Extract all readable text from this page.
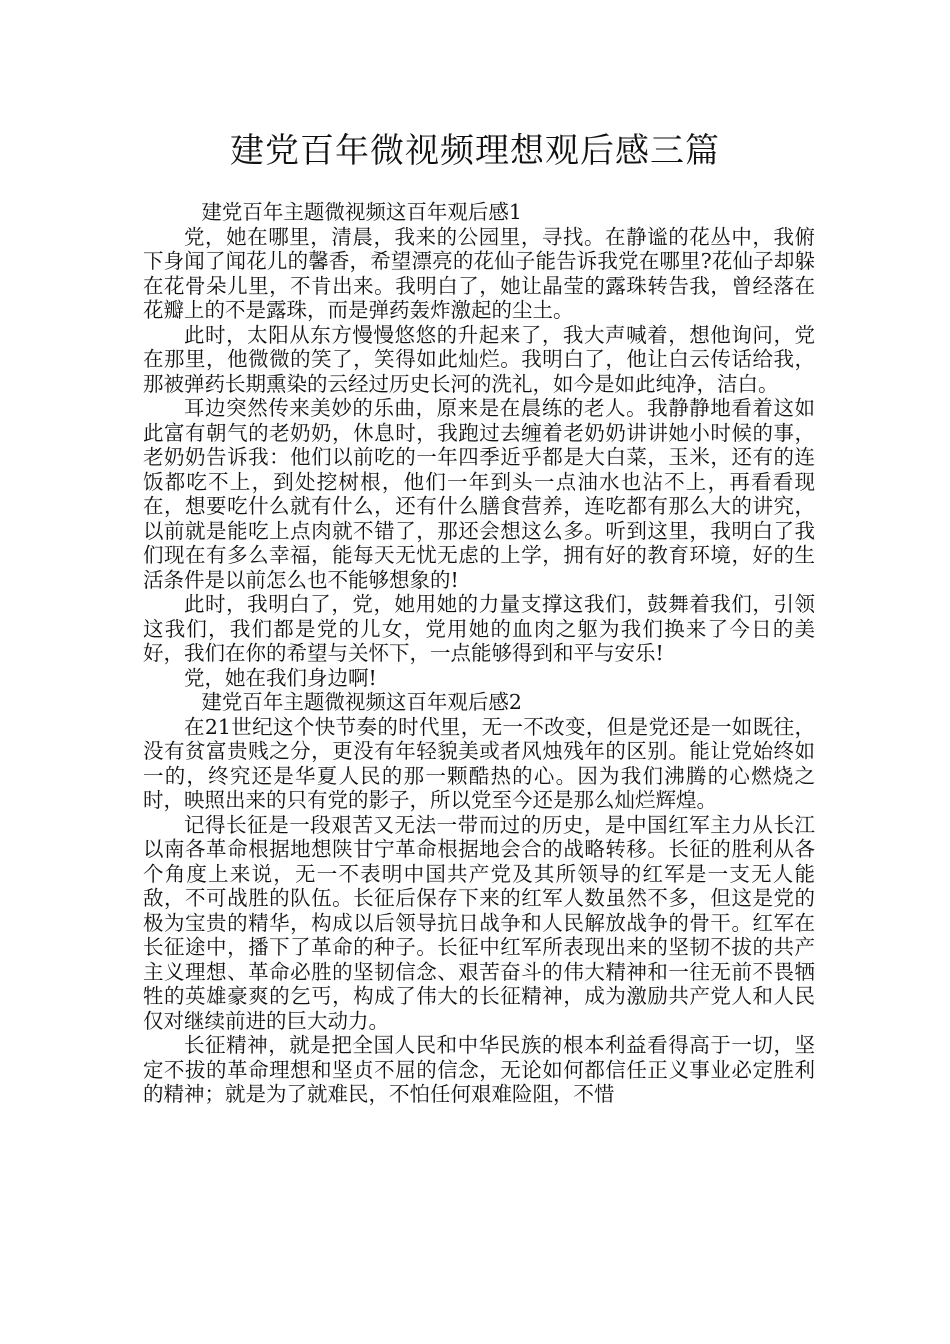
建党百年微视频理想观后感三篇

建党百年主题微视频这百年观后感1

党，她在哪里，清晨，我来的公园里，寻找。在静谧的花丛中，我俯下身闻了闻花儿的馨香，希望漂亮的花仙子能告诉我党在哪里?花仙子却躲在花骨朵儿里，不肯出来。我明白了，她让晶莹的露珠转告我，曾经落在花瓣上的不是露珠，而是弹药轰炸激起的尘土。

此时，太阳从东方慢慢悠悠的升起来了，我大声喊着，想他询问，党在那里，他微微的笑了，笑得如此灿烂。我明白了，他让白云传话给我，那被弹药长期熏染的云经过历史长河的洗礼，如今是如此纯净，洁白。

耳边突然传来美妙的乐曲，原来是在晨练的老人。我静静地看着这如此富有朝气的老奶奶，休息时，我跑过去缠着老奶奶讲讲她小时候的事，老奶奶告诉我：他们以前吃的一年四季近乎都是大白菜，玉米，还有的连饭都吃不上，到处挖树根，他们一年到头一点油水也沾不上，再看看现在，想要吃什么就有什么，还有什么膳食营养，连吃都有那么大的讲究，以前就是能吃上点肉就不错了，那还会想这么多。听到这里，我明白了我们现在有多么幸福，能每天无忧无虑的上学，拥有好的教育环境，好的生活条件是以前怎么也不能够想象的!

此时，我明白了，党，她用她的力量支撑这我们，鼓舞着我们，引领这我们，我们都是党的儿女，党用她的血肉之躯为我们换来了今日的美好，我们在你的希望与关怀下，一点能够得到和平与安乐!

党，她在我们身边啊!

建党百年主题微视频这百年观后感2

在21世纪这个快节奏的时代里，无一不改变，但是党还是一如既往，没有贫富贵贱之分，更没有年轻貌美或者风烛残年的区别。能让党始终如一的，终究还是华夏人民的那一颗酷热的心。因为我们沸腾的心燃烧之时，映照出来的只有党的影子，所以党至今还是那么灿烂辉煌。

记得长征是一段艰苦又无法一带而过的历史，是中国红军主力从长江以南各革命根据地想陕甘宁革命根据地会合的战略转移。长征的胜利从各个角度上来说，无一不表明中国共产党及其所领导的红军是一支无人能敌，不可战胜的队伍。长征后保存下来的红军人数虽然不多，但这是党的极为宝贵的精华，构成以后领导抗日战争和人民解放战争的骨干。红军在长征途中，播下了革命的种子。长征中红军所表现出来的坚韧不拔的共产主义理想、革命必胜的坚韧信念、艰苦奋斗的伟大精神和一往无前不畏牺牲的英雄豪爽的乞丐，构成了伟大的长征精神，成为激励共产党人和人民仅对继续前进的巨大动力。

长征精神，就是把全国人民和中华民族的根本利益看得高于一切，坚定不拔的革命理想和坚贞不屈的信念，无论如何都信任正义事业必定胜利的精神；就是为了就难民，不怕任何艰难险阻，不惜
